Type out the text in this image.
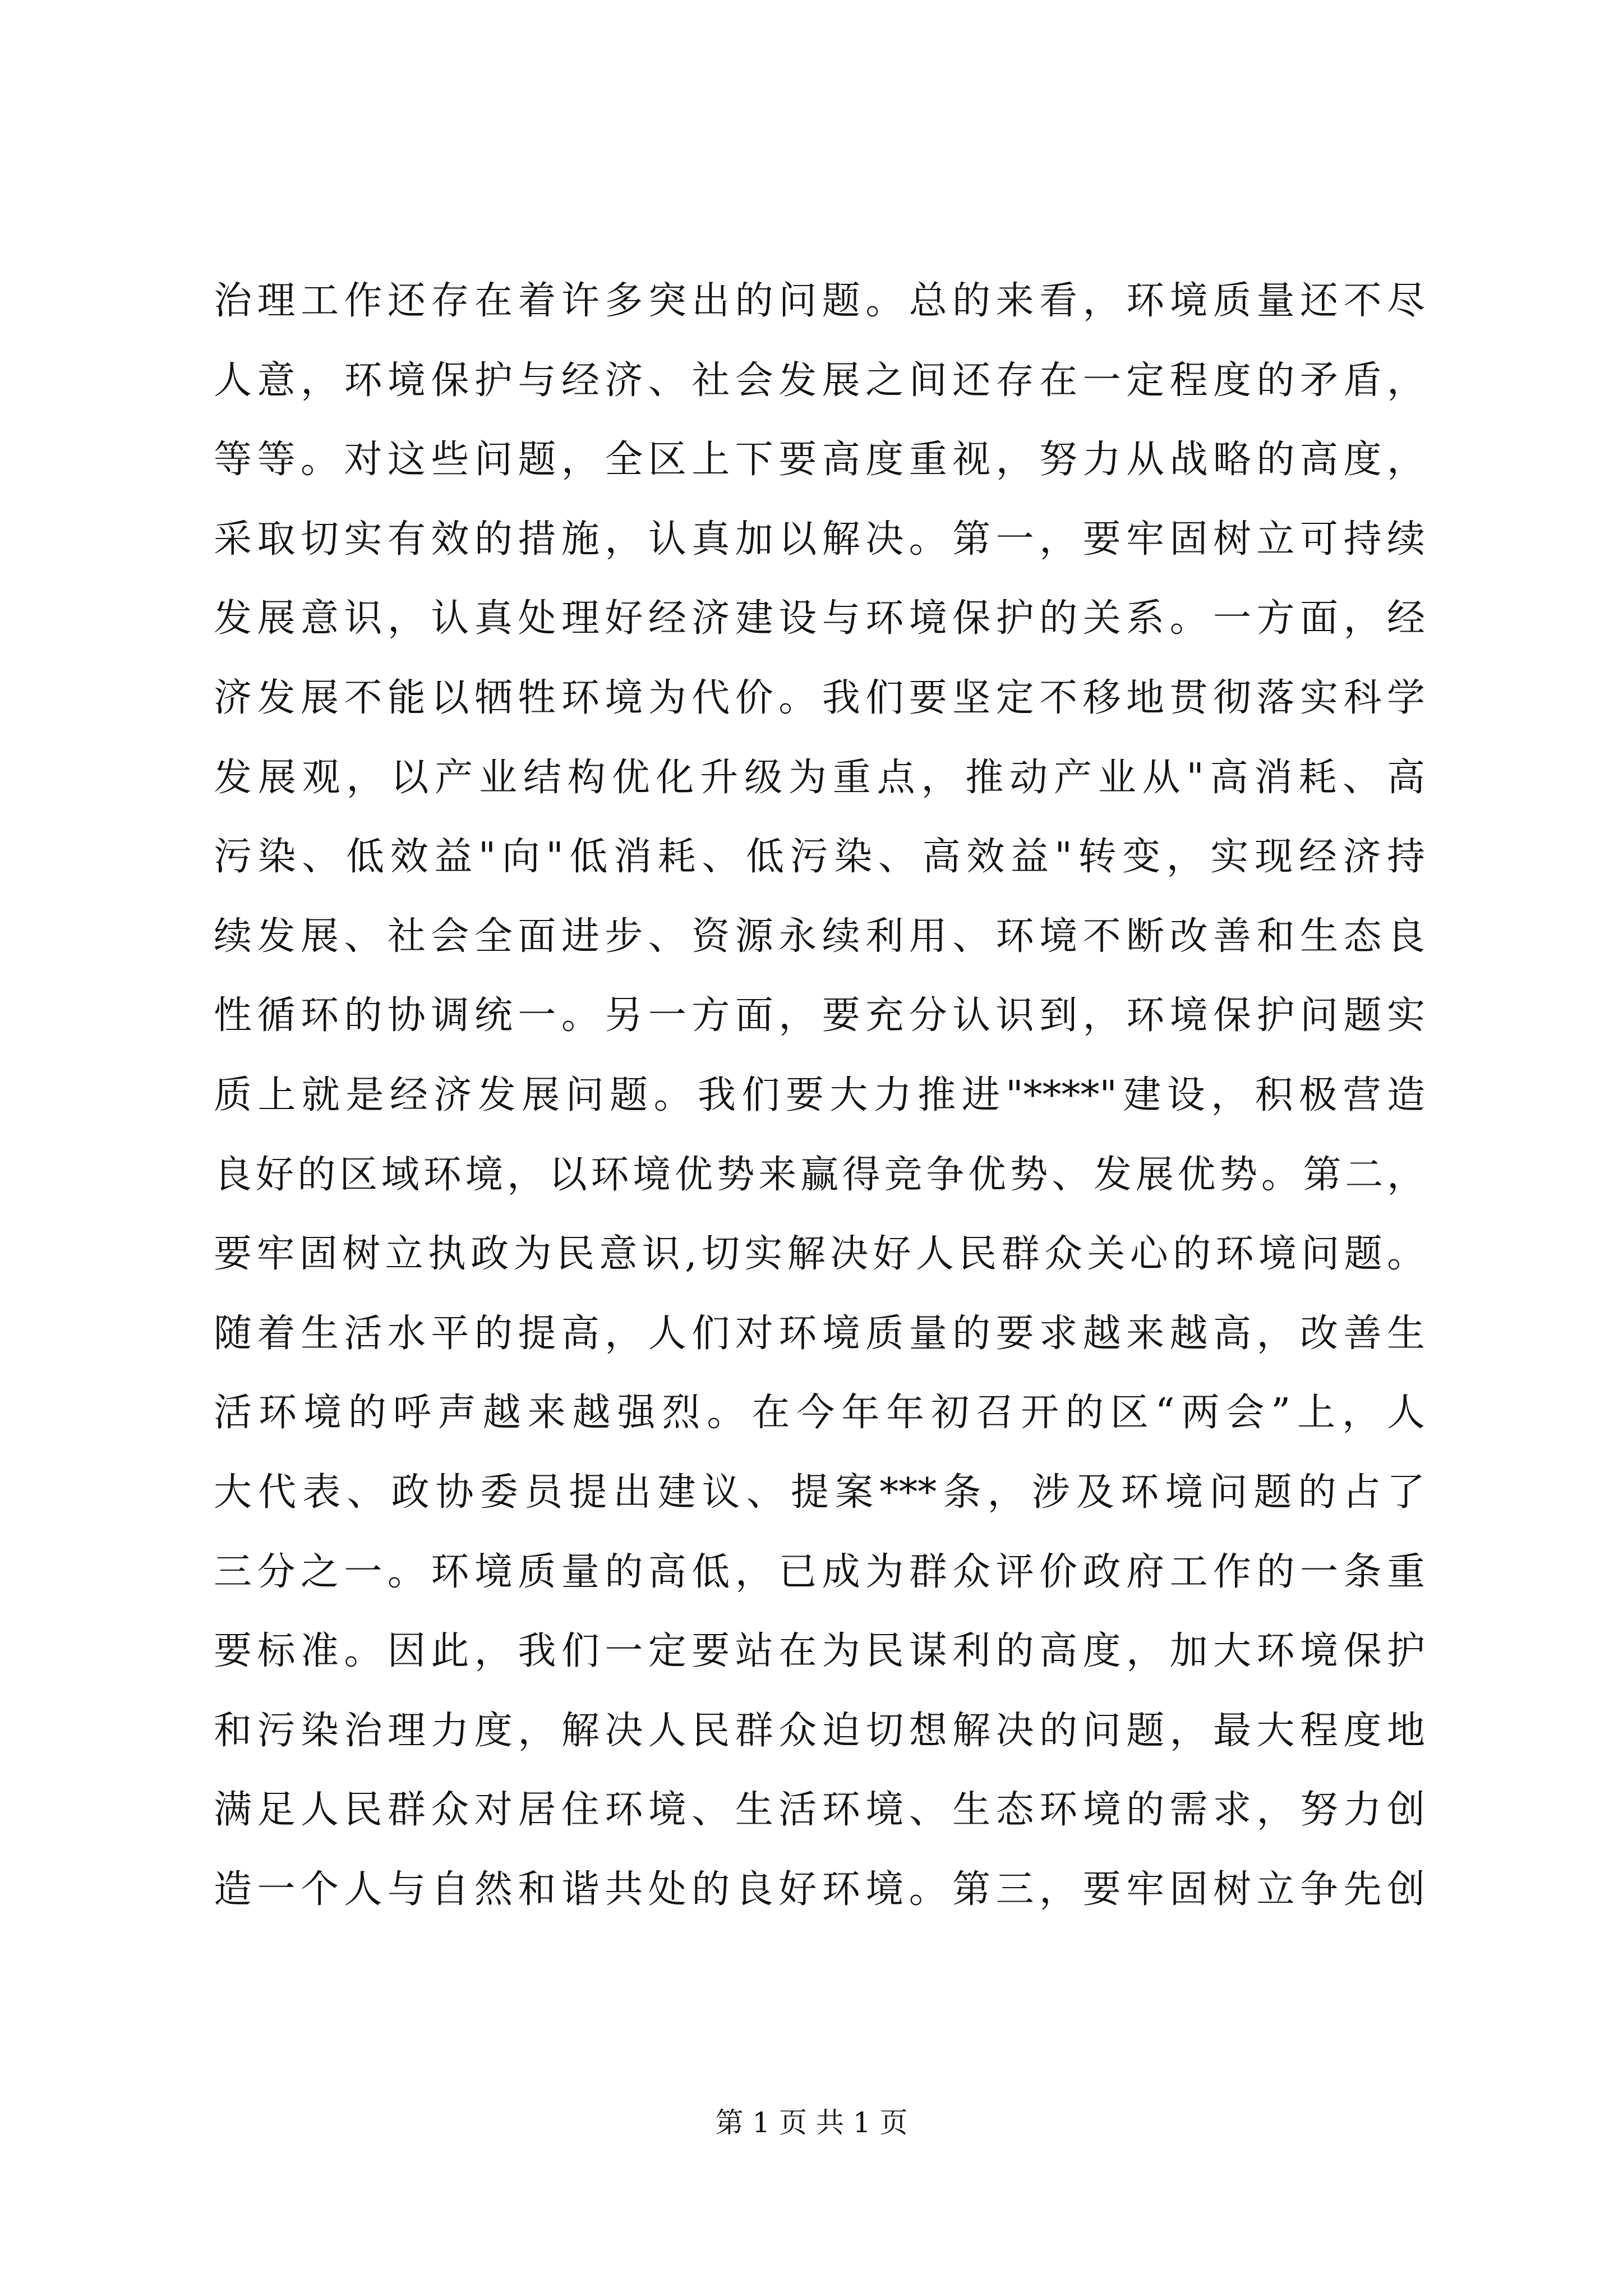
治理工作还存在着许多突出的问题。总的来看，环境质量还不尽
人意，环境保护与经济、社会发展之间还存在一定程度的矛盾，
等等。对这些问题，全区上下要高度重视，努力从战略的高度，
采取切实有效的措施，认真加以解决。第一，要牢固树立可持续
发展意识，认真处理好经济建设与环境保护的关系。一方面，经
济发展不能以牺牲环境为代价。我们要坚定不移地贯彻落实科学
发展观，以产业结构优化升级为重点，推动产业从"高消耗、高
污染、低效益"向"低消耗、低污染、高效益"转变，实现经济持
续发展、社会全面进步、资源永续利用、环境不断改善和生态良
性循环的协调统一。另一方面，要充分认识到，环境保护问题实
质上就是经济发展问题。我们要大力推进"****"建设，积极营造
良好的区域环境，以环境优势来赢得竞争优势、发展优势。第二，
要牢固树立执政为民意识,切实解决好人民群众关心的环境问题。
随着生活水平的提高，人们对环境质量的要求越来越高，改善生
活环境的呼声越来越强烈。在今年年初召开的区“两会”上，人
大代表、政协委员提出建议、提案***条，涉及环境问题的占了
三分之一。环境质量的高低，已成为群众评价政府工作的一条重
要标准。因此，我们一定要站在为民谋利的高度，加大环境保护
和污染治理力度，解决人民群众迫切想解决的问题，最大程度地
满足人民群众对居住环境、生活环境、生态环境的需求，努力创
造一个人与自然和谐共处的良好环境。第三，要牢固树立争先创
第 1 页 共 1 页
